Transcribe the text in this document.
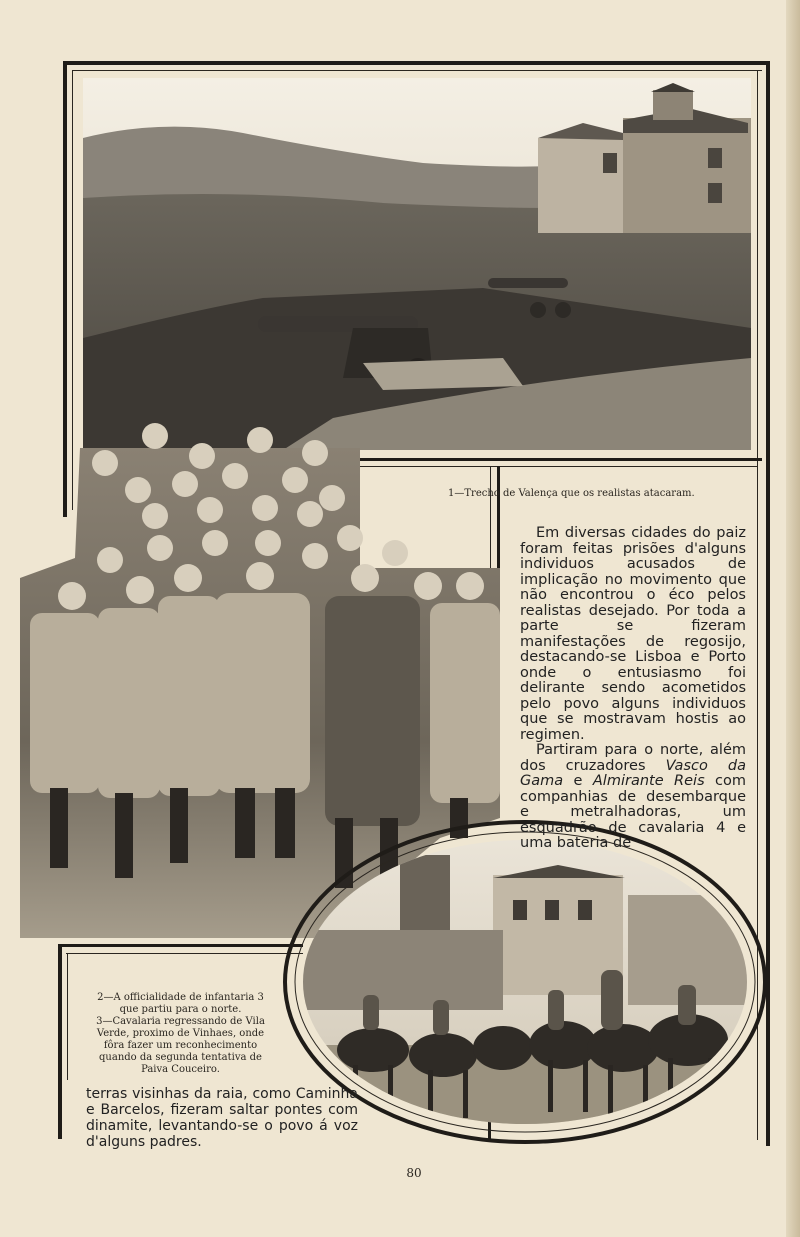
1—Trecho de Valença que os realistas atacaram.
2—A officialidade de infantaria 3 que partiu para o norte.
3—Cavalaria regressando de Vila Verde, proximo de Vinhaes, onde fôra fazer um reconhecimento quando da segunda tentativa de Paiva Couceiro.

Em diversas cidades do paiz foram feitas prisões d'alguns individuos acusados de implicação no movimento que não encontrou o éco pelos realistas desejado. Por toda a parte se fizeram manifestações de regosijo, destacando-se Lisboa e Porto onde o entusiasmo foi delirante sendo acometidos pelo povo alguns individuos que se mostravam hostis ao regimen.

Partiram para o norte, além dos cruzadores Vasco da Gama e Almirante Reis com companhias de desembarque e metralhadoras, um esquadrão de cavalaria 4 e uma bateria de

terras visinhas da raia, como Caminha e Barcelos, fizeram saltar pontes com dinamite, levantando-se o povo á voz d'alguns padres.
80
